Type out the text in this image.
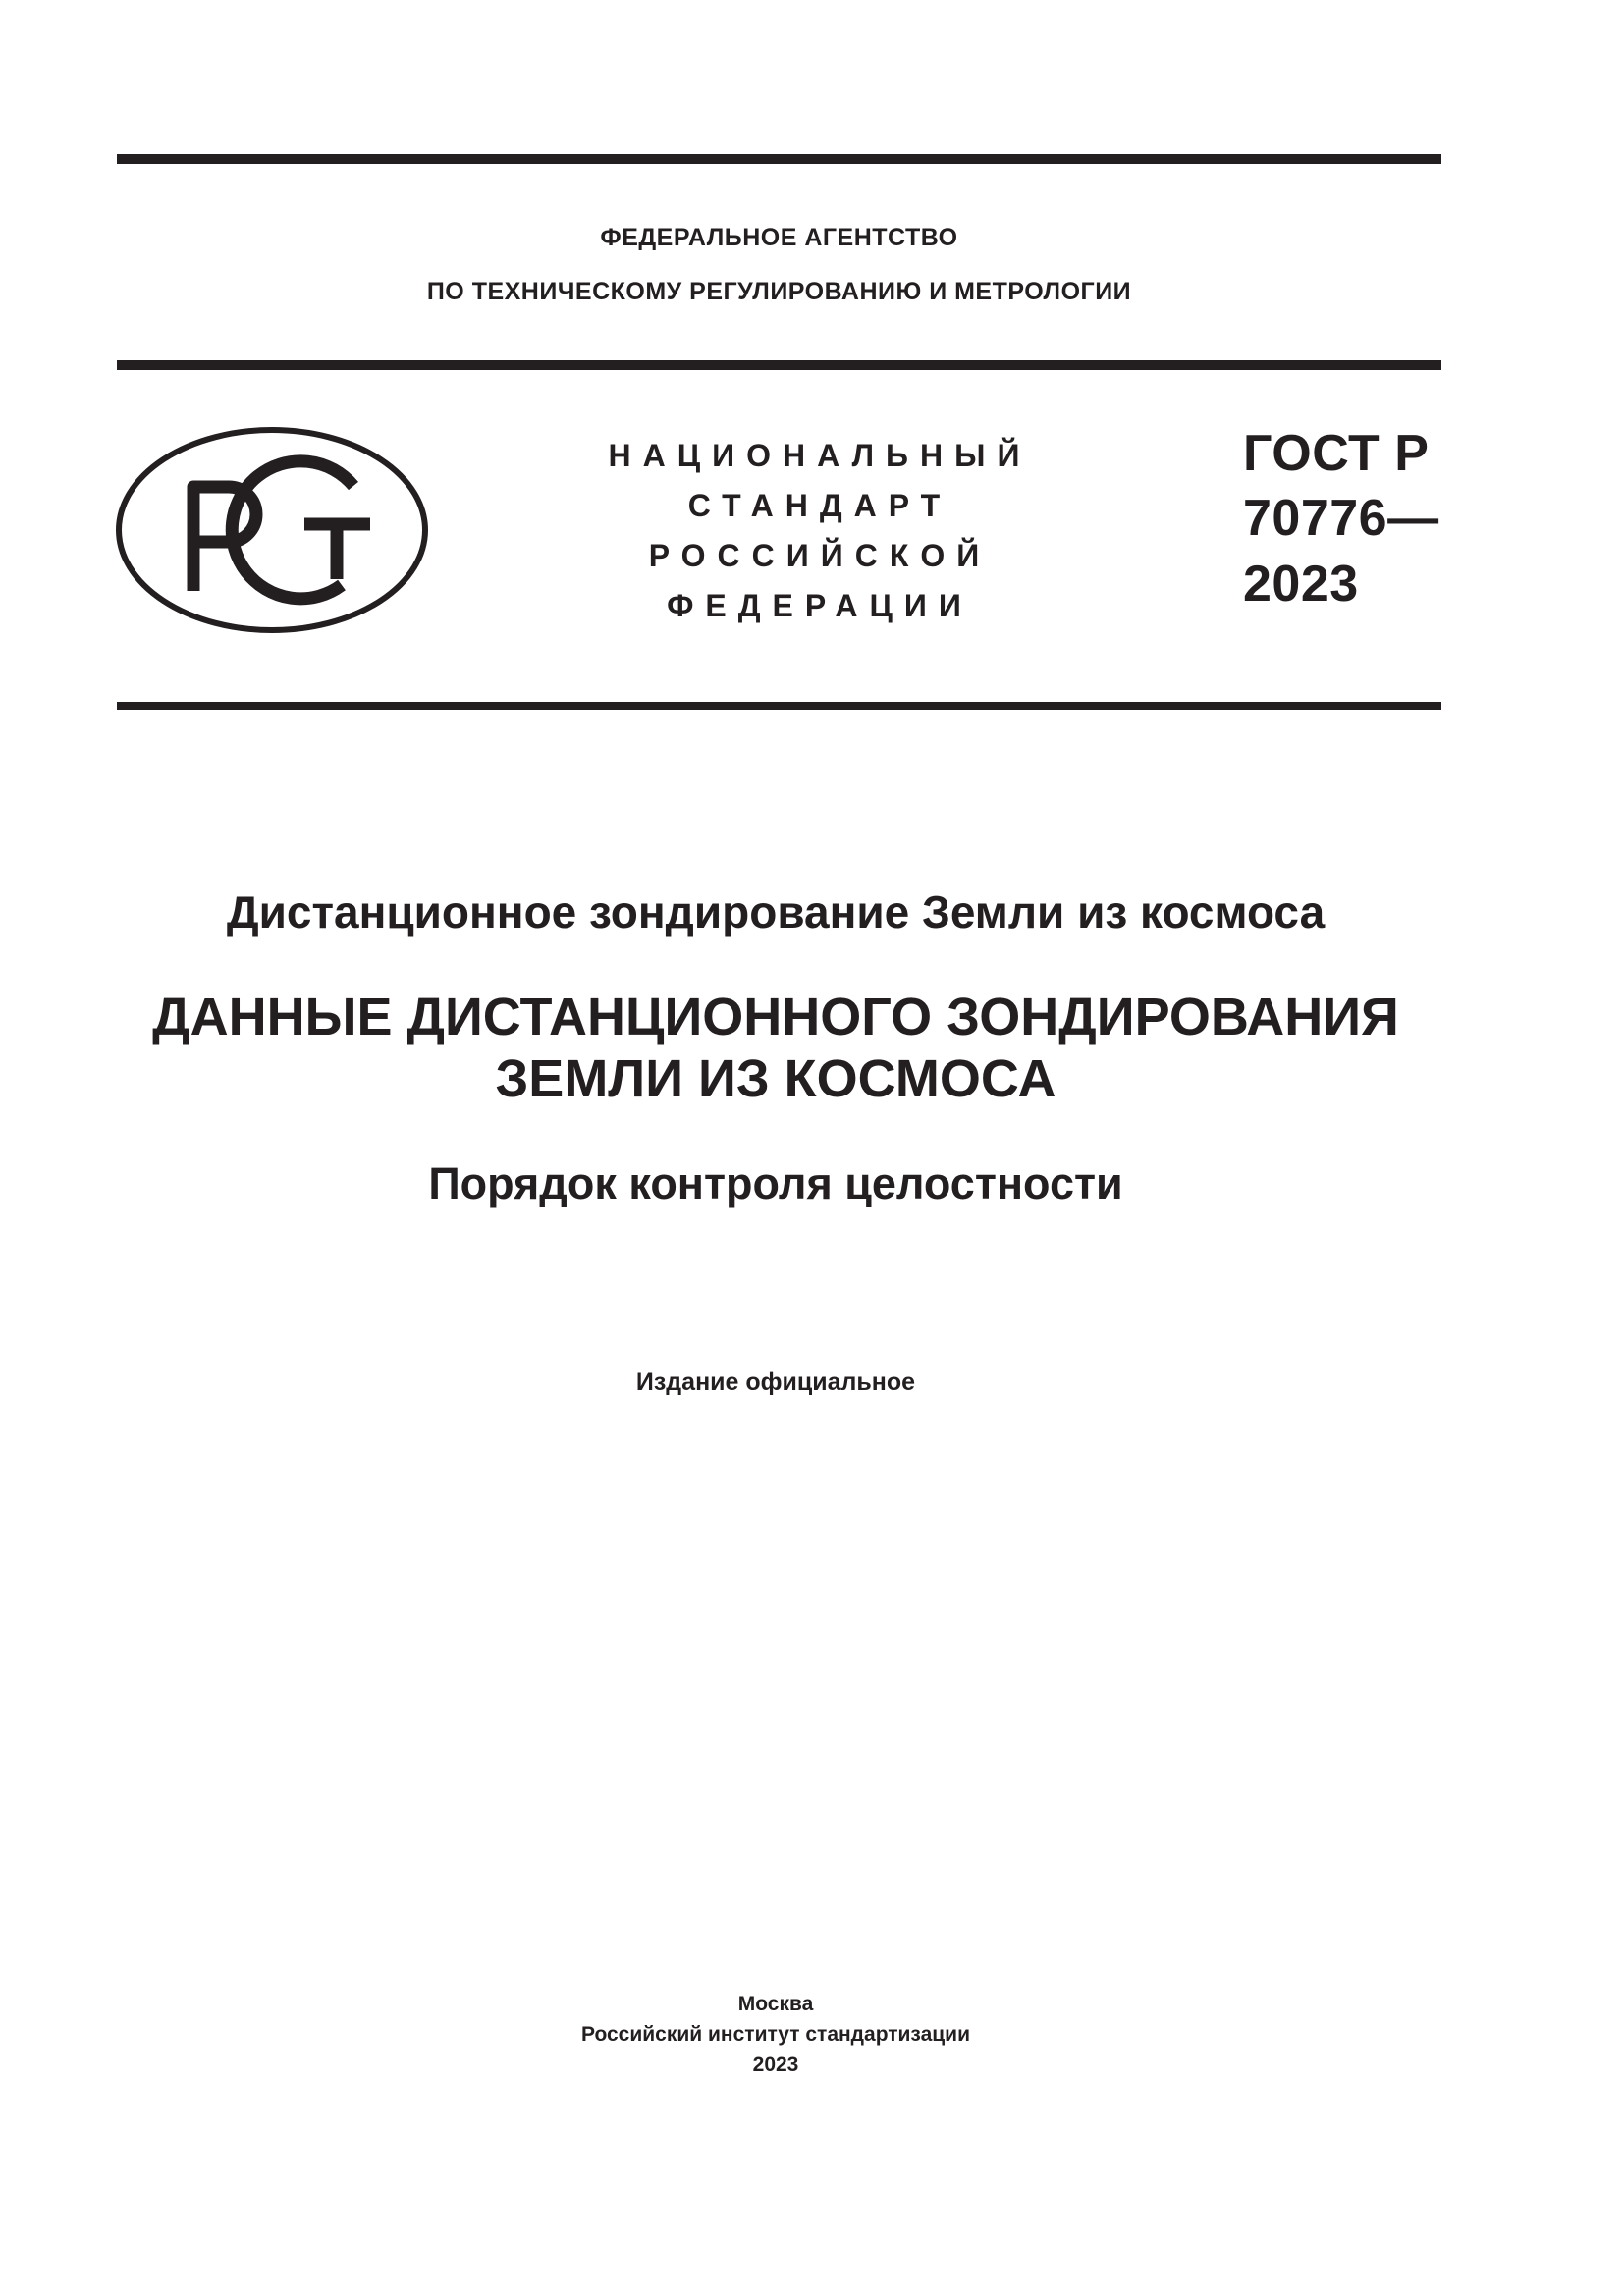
ФЕДЕРАЛЬНОЕ АГЕНТСТВО
ПО ТЕХНИЧЕСКОМУ РЕГУЛИРОВАНИЮ И МЕТРОЛОГИИ
НАЦИОНАЛЬНЫЙ
СТАНДАРТ
РОССИЙСКОЙ
ФЕДЕРАЦИИ
ГОСТ Р
70776—
2023
Дистанционное зондирование Земли из космоса
ДАННЫЕ ДИСТАНЦИОННОГО ЗОНДИРОВАНИЯ
ЗЕМЛИ ИЗ КОСМОСА
Порядок контроля целостности
Издание официальное
Москва
Российский институт стандартизации
2023
